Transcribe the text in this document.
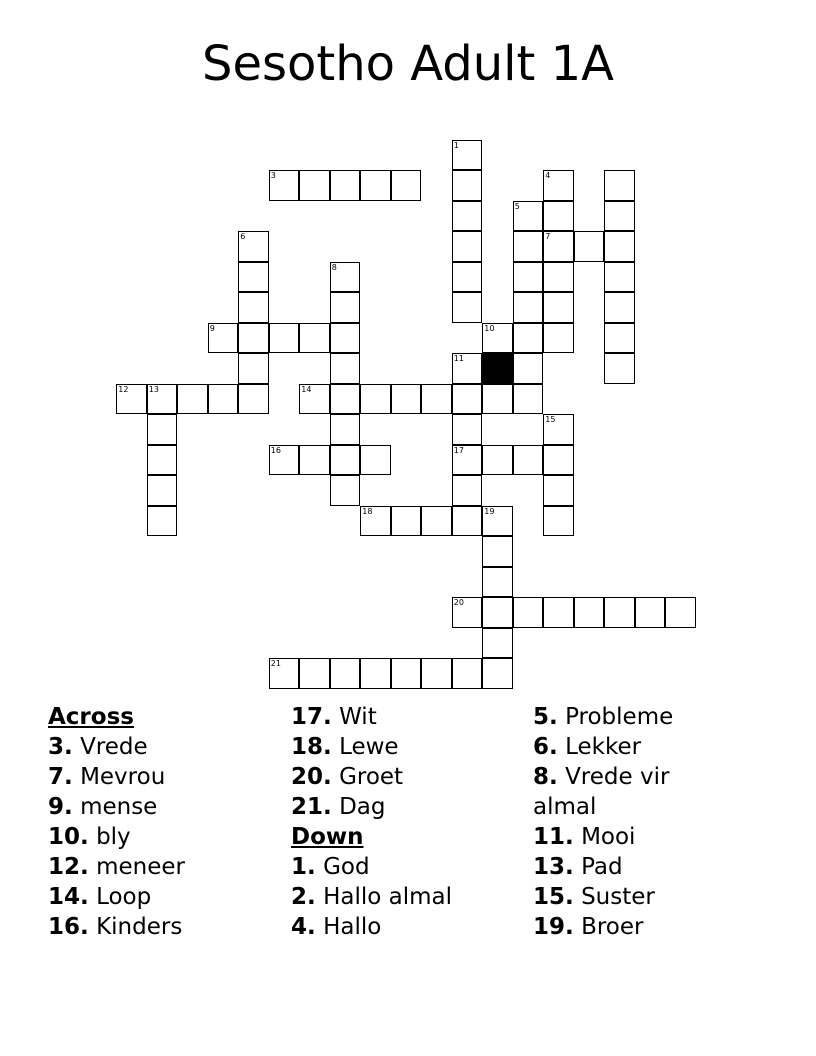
Sesotho Adult 1A
1
3	4
5
6	7
8
9	10
11
12	13	14
15
16	17
18	19
20
21
Across
3. Vrede
7. Mevrou
9. mense
10. bly
12. meneer
14. Loop
16. Kinders
17. Wit
18. Lewe
20. Groet
21. Dag
Down
1. God
2. Hallo almal
4. Hallo
5. Probleme
6. Lekker
8. Vrede vir almal
11. Mooi
13. Pad
15. Suster
19. Broer
